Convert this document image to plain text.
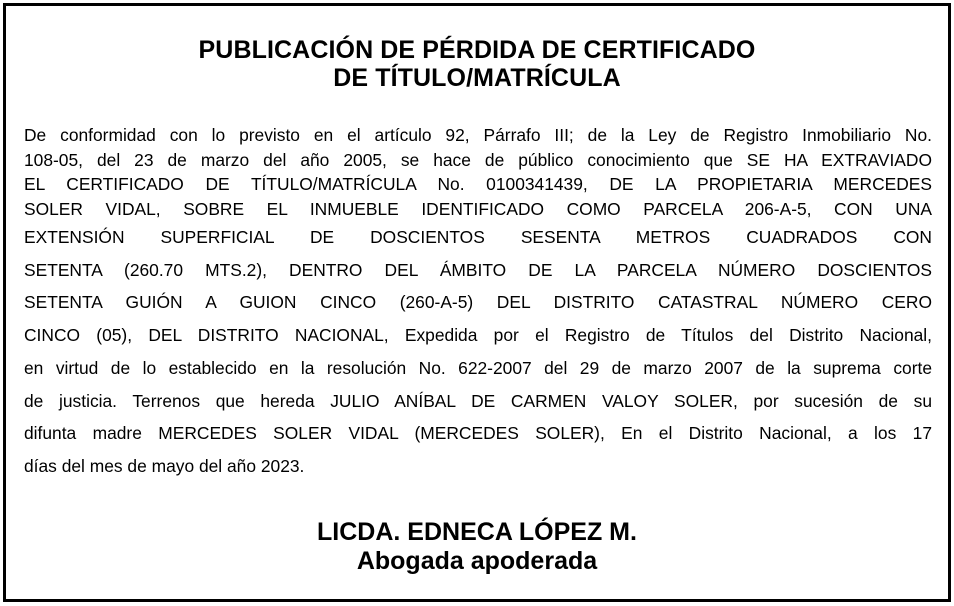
PUBLICACIÓN DE PÉRDIDA DE CERTIFICADO
DE TÍTULO/MATRÍCULA
De conformidad con lo previsto en el artículo 92, Párrafo III; de la Ley de Registro Inmobiliario No.
108-05, del 23 de marzo del año 2005, se hace de público conocimiento que SE HA EXTRAVIADO
EL CERTIFICADO DE TÍTULO/MATRÍCULA No. 0100341439, DE LA PROPIETARIA MERCEDES
SOLER VIDAL, SOBRE EL INMUEBLE IDENTIFICADO COMO PARCELA 206-A-5, CON UNA
EXTENSIÓN SUPERFICIAL DE DOSCIENTOS SESENTA METROS CUADRADOS CON
SETENTA (260.70 MTS.2), DENTRO DEL ÁMBITO DE LA PARCELA NÚMERO DOSCIENTOS
SETENTA GUIÓN A GUION CINCO (260-A-5) DEL DISTRITO CATASTRAL NÚMERO CERO
CINCO (05), DEL DISTRITO NACIONAL, Expedida por el Registro de Títulos del Distrito Nacional,
en virtud de lo establecido en la resolución No. 622-2007 del 29 de marzo 2007 de la suprema corte
de justicia. Terrenos que hereda JULIO ANÍBAL DE CARMEN VALOY SOLER, por sucesión de su
difunta madre MERCEDES SOLER VIDAL (MERCEDES SOLER), En el Distrito Nacional, a los 17
días del mes de mayo del año 2023.
LICDA. EDNECA LÓPEZ M.
Abogada apoderada
